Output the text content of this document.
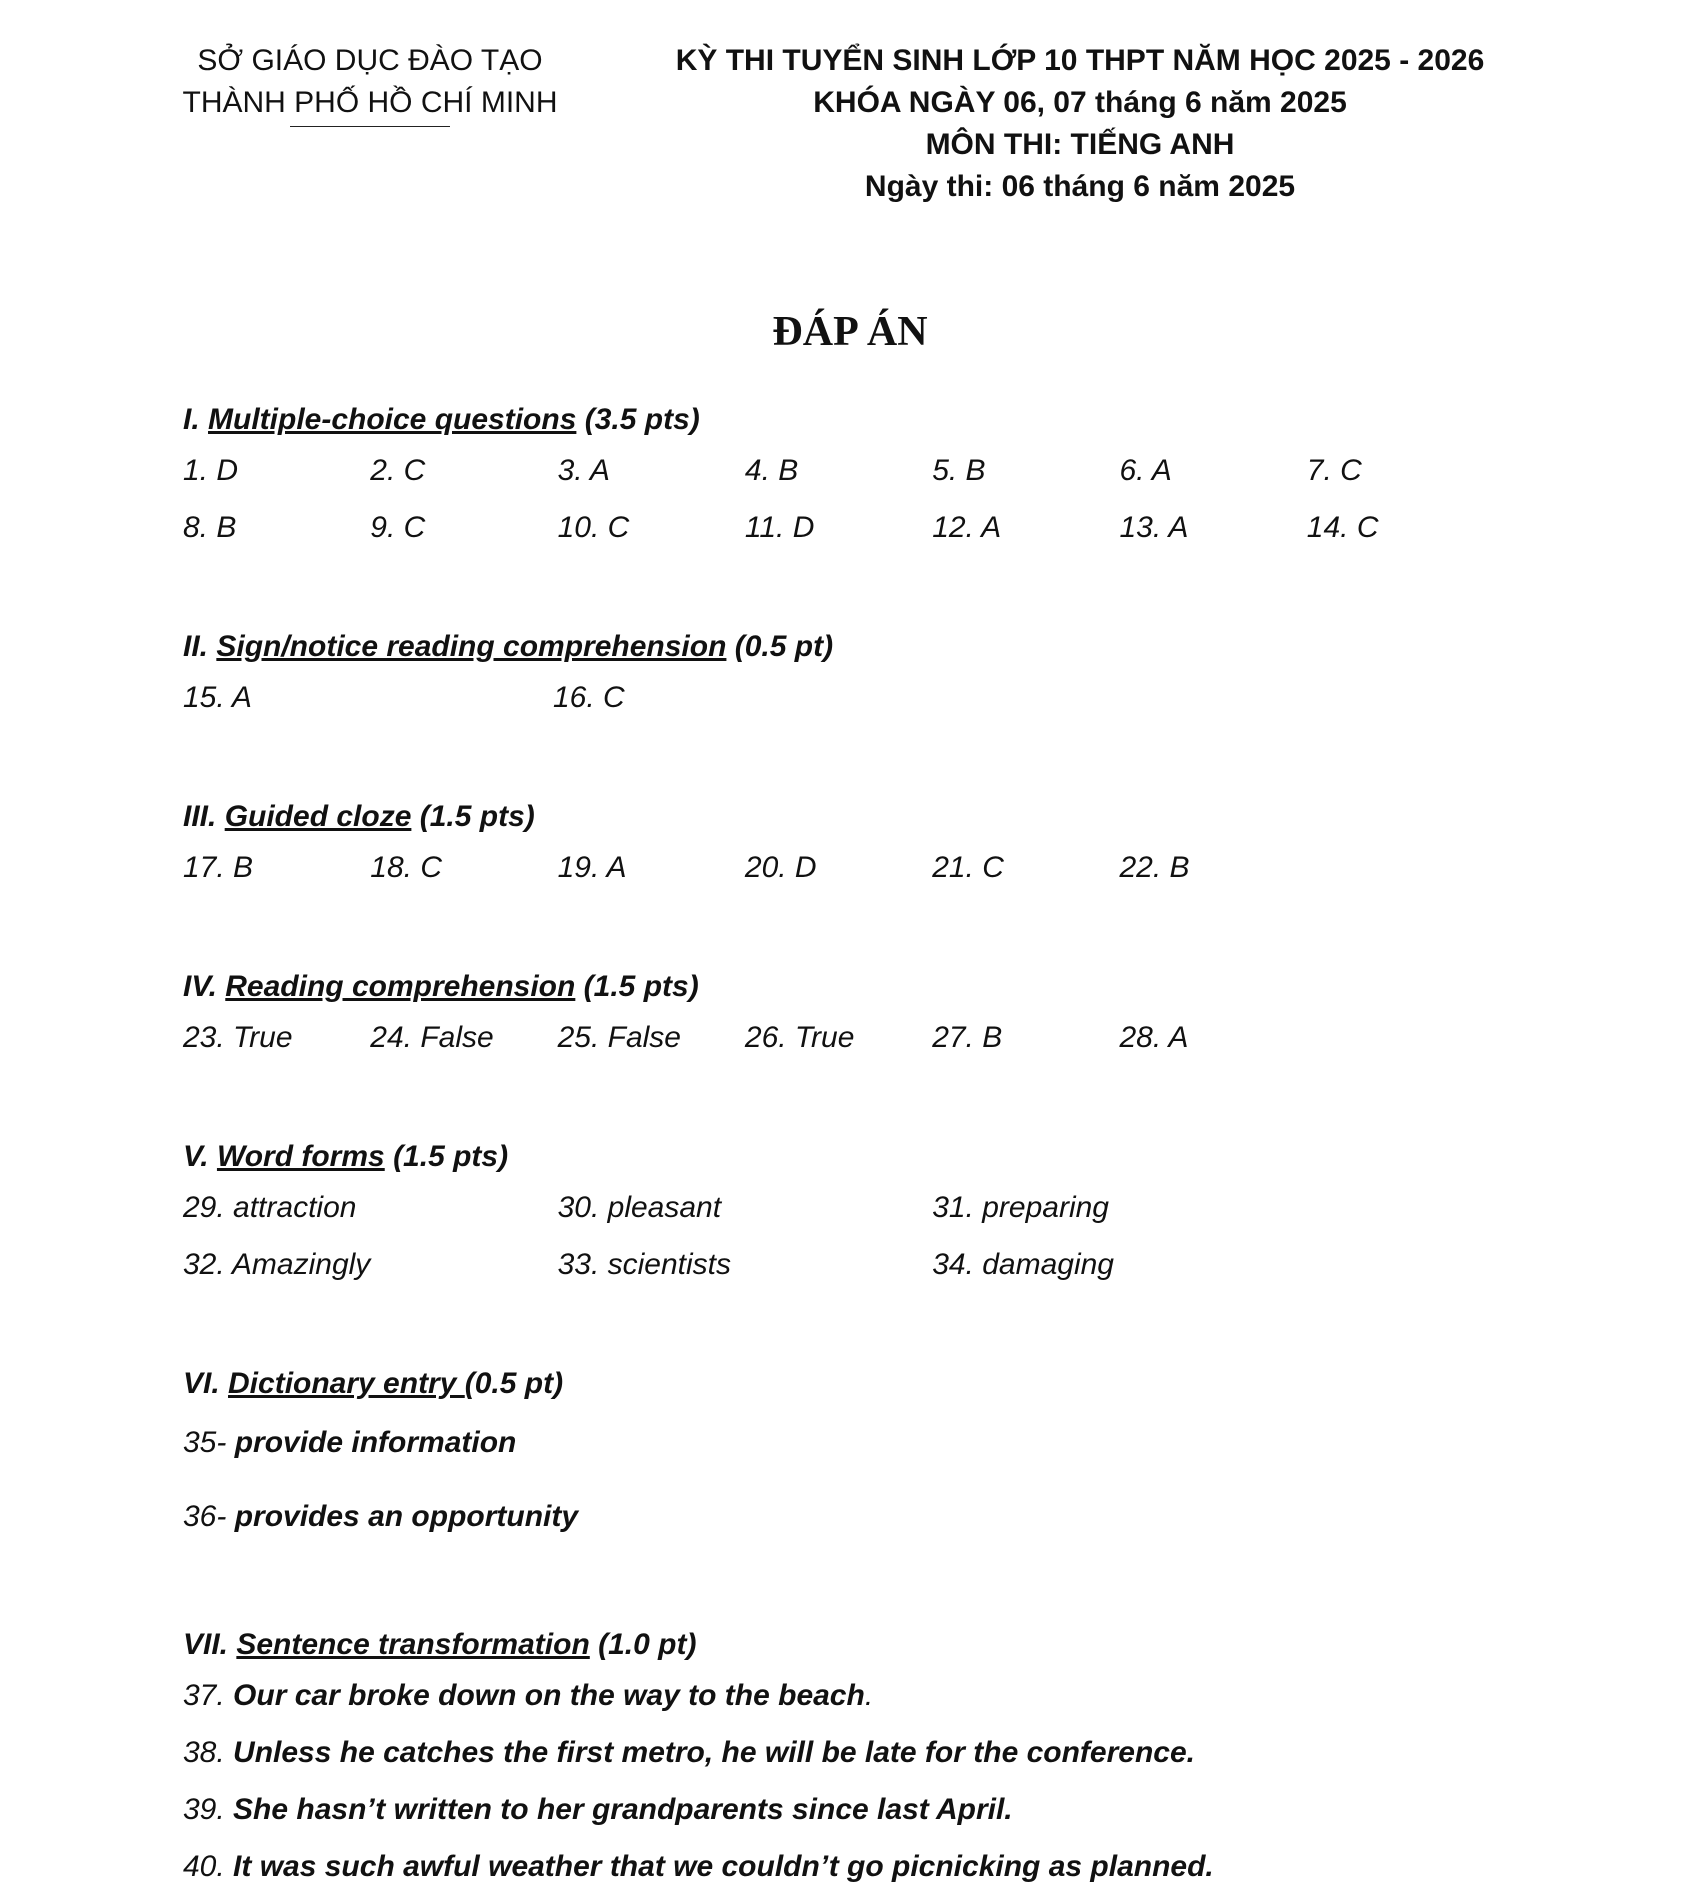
SỞ GIÁO DỤC ĐÀO TẠO
THÀNH PHỐ HỒ CHÍ MINH
KỲ THI TUYỂN SINH LỚP 10 THPT NĂM HỌC 2025 - 2026
KHÓA NGÀY 06, 07 tháng 6 năm 2025
MÔN THI: TIẾNG ANH
Ngày thi: 06 tháng 6 năm 2025
ĐÁP ÁN
I. Multiple-choice questions (3.5 pts)
1. D	2. C	3. A	4. B	5. B	6. A	7. C
8. B	9. C	10. C	11. D	12. A	13. A	14. C
II. Sign/notice reading comprehension (0.5 pt)
15. A	16. C
III. Guided cloze (1.5 pts)
17. B	18. C	19. A	20. D	21. C	22. B
IV. Reading comprehension (1.5 pts)
23. True	24. False	25. False	26. True	27. B	28. A
V. Word forms (1.5 pts)
29. attraction	30. pleasant	31. preparing
32. Amazingly	33. scientists	34. damaging
VI. Dictionary entry (0.5 pt)
35- provide information
36- provides an opportunity
VII. Sentence transformation (1.0 pt)
37. Our car broke down on the way to the beach.
38. Unless he catches the first metro, he will be late for the conference.
39. She hasn’t written to her grandparents since last April.
40. It was such awful weather that we couldn’t go picnicking as planned.
